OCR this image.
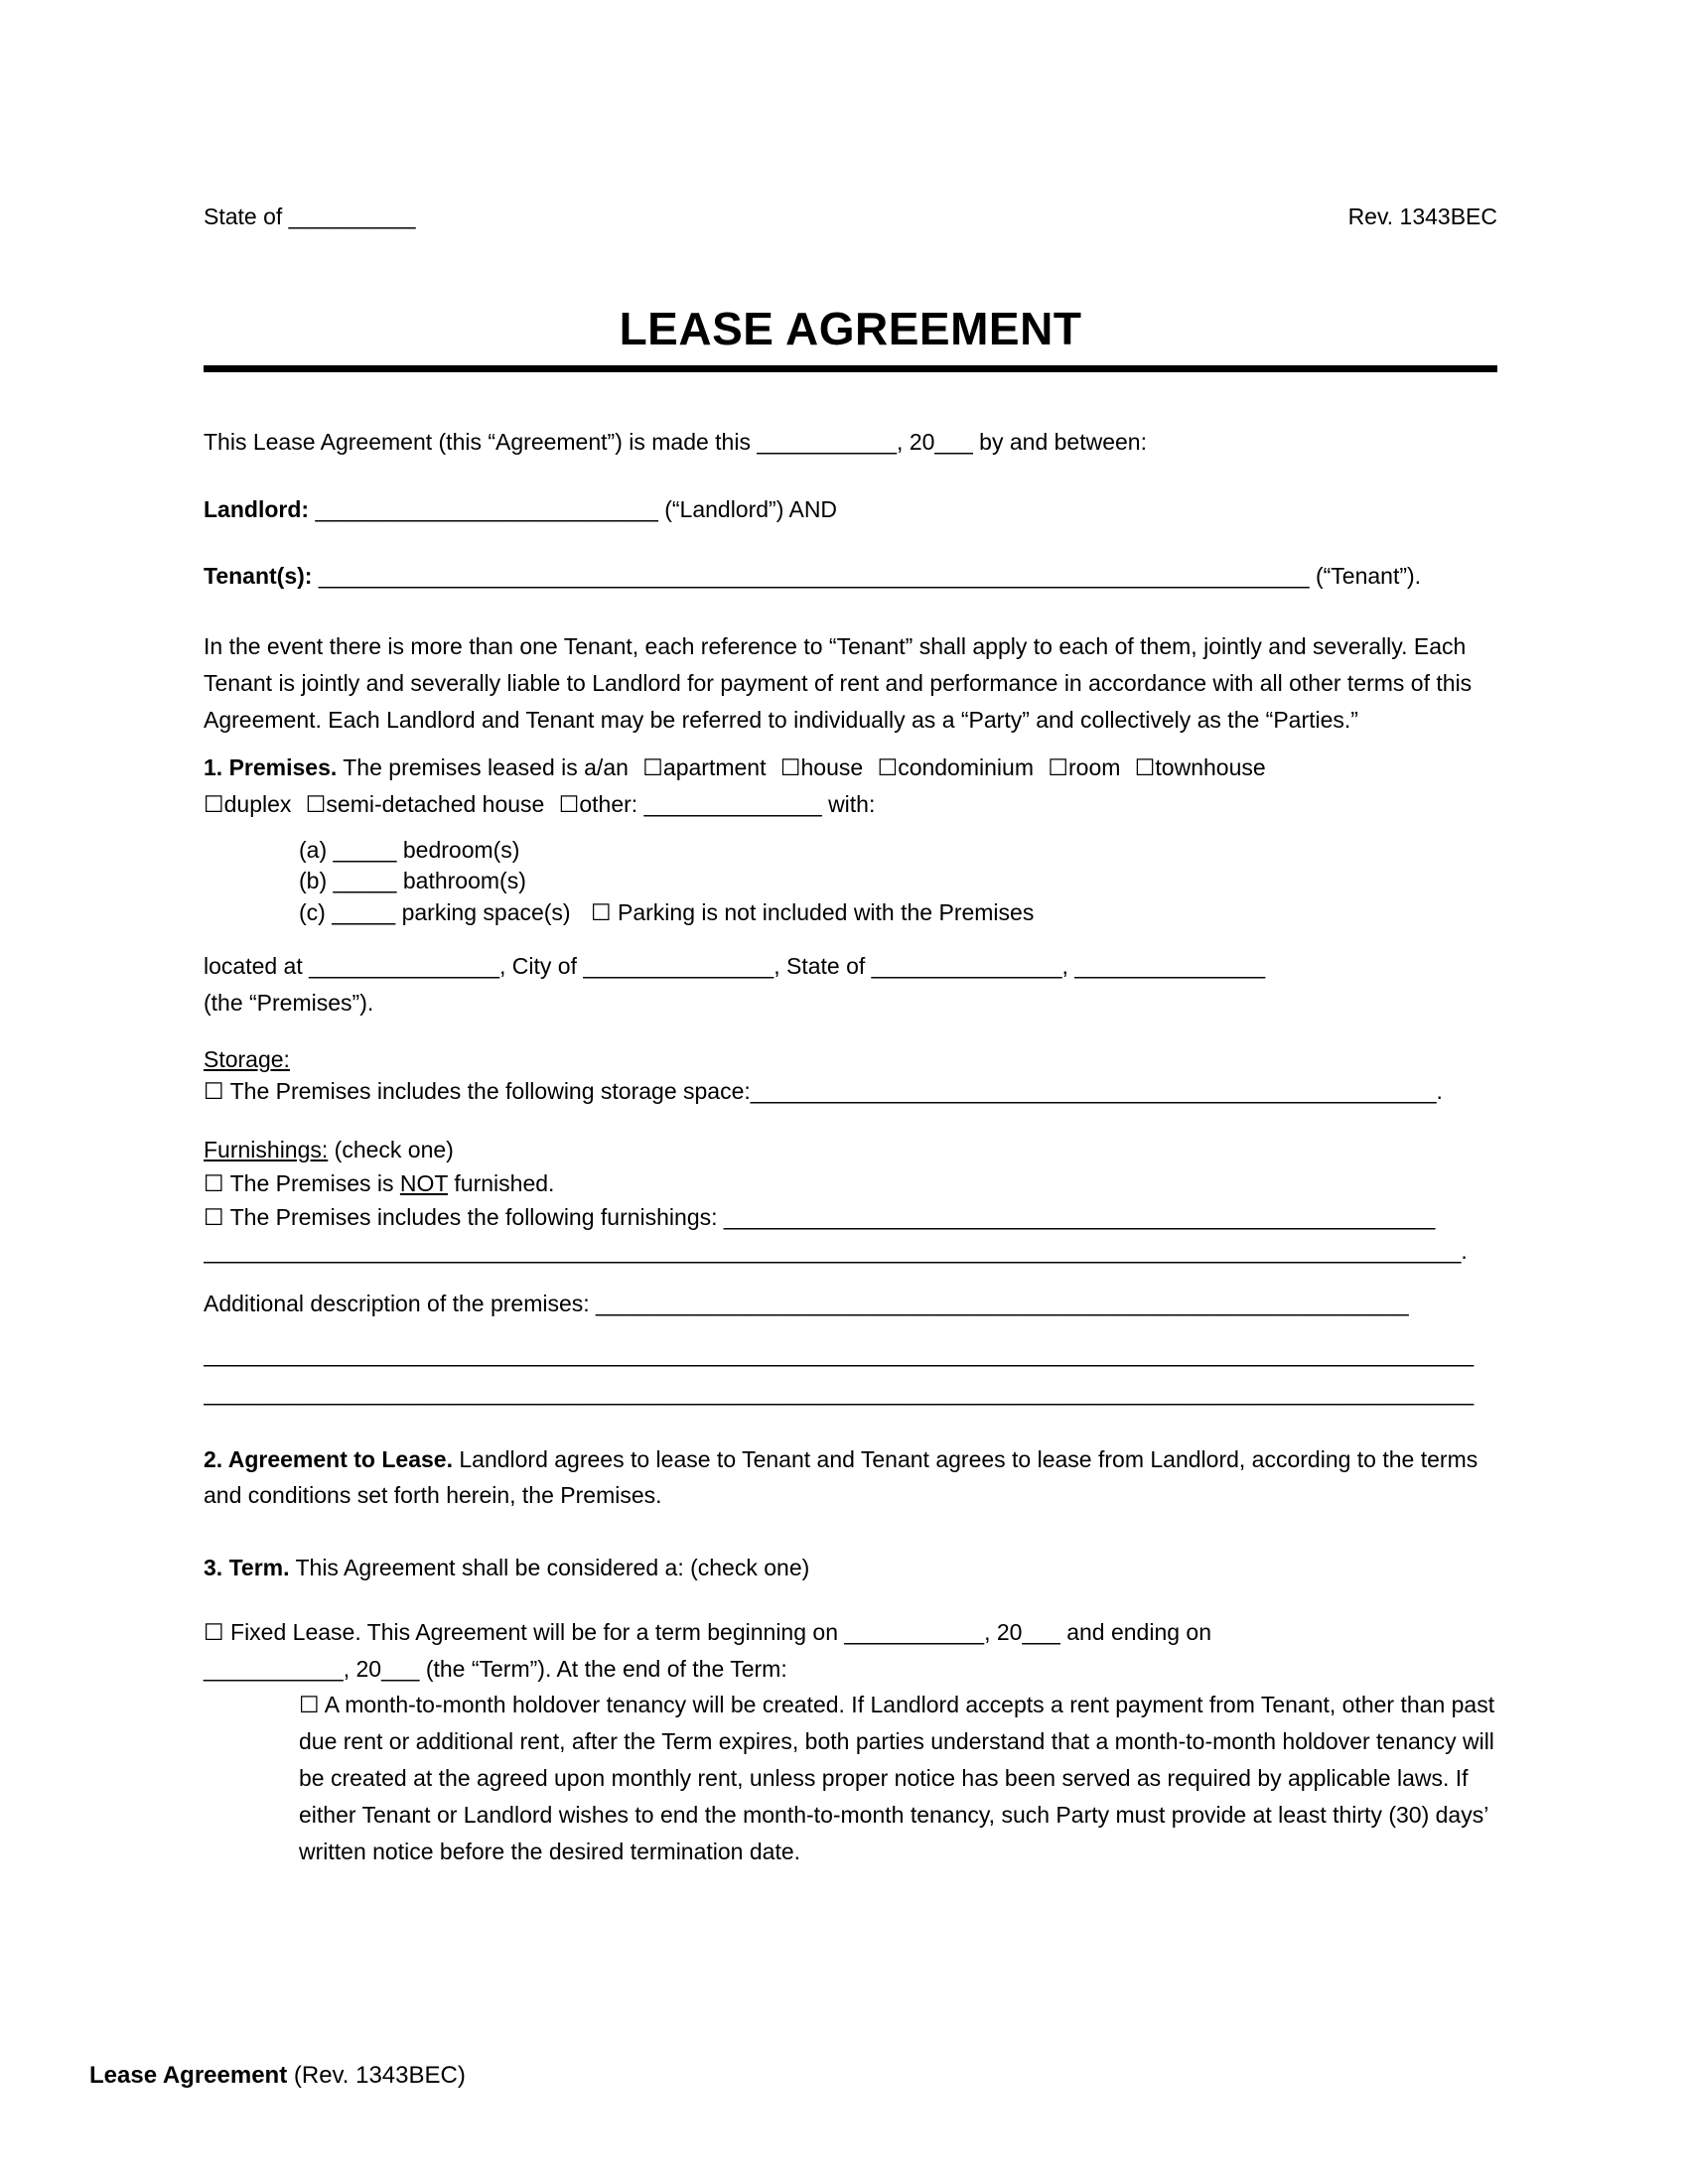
State of __________	Rev. 1343BEC
LEASE AGREEMENT
This Lease Agreement (this “Agreement”) is made this ___________, 20___ by and between:
Landlord: ___________________________ (“Landlord”) AND
Tenant(s): ______________________________________________________________________________ (“Tenant”).
In the event there is more than one Tenant, each reference to “Tenant” shall apply to each of them, jointly and severally. Each Tenant is jointly and severally liable to Landlord for payment of rent and performance in accordance with all other terms of this Agreement. Each Landlord and Tenant may be referred to individually as a “Party” and collectively as the “Parties.”
1. Premises. The premises leased is a/an ☐apartment ☐house ☐condominium ☐room ☐townhouse
☐duplex ☐semi-detached house ☐other: ______________ with:
(a) _____ bedroom(s)
(b) _____ bathroom(s)
(c) _____ parking space(s) ☐ Parking is not included with the Premises
located at _______________, City of _______________, State of _______________, _______________
(the “Premises”).
Storage:
☐ The Premises includes the following storage space:______________________________________________________.
Furnishings: (check one)
☐ The Premises is NOT furnished.
☐ The Premises includes the following furnishings: ________________________________________________________
___________________________________________________________________________________________________.
Additional description of the premises: ________________________________________________________________
____________________________________________________________________________________________________
____________________________________________________________________________________________________
2. Agreement to Lease. Landlord agrees to lease to Tenant and Tenant agrees to lease from Landlord, according to the terms and conditions set forth herein, the Premises.
3. Term. This Agreement shall be considered a: (check one)
☐ Fixed Lease. This Agreement will be for a term beginning on ___________, 20___ and ending on
___________, 20___ (the “Term”). At the end of the Term:
☐ A month-to-month holdover tenancy will be created. If Landlord accepts a rent payment from Tenant, other than past due rent or additional rent, after the Term expires, both parties understand that a month-to-month holdover tenancy will be created at the agreed upon monthly rent, unless proper notice has been served as required by applicable laws. If either Tenant or Landlord wishes to end the month-to-month tenancy, such Party must provide at least thirty (30) days’ written notice before the desired termination date.
Lease Agreement (Rev. 1343BEC)
